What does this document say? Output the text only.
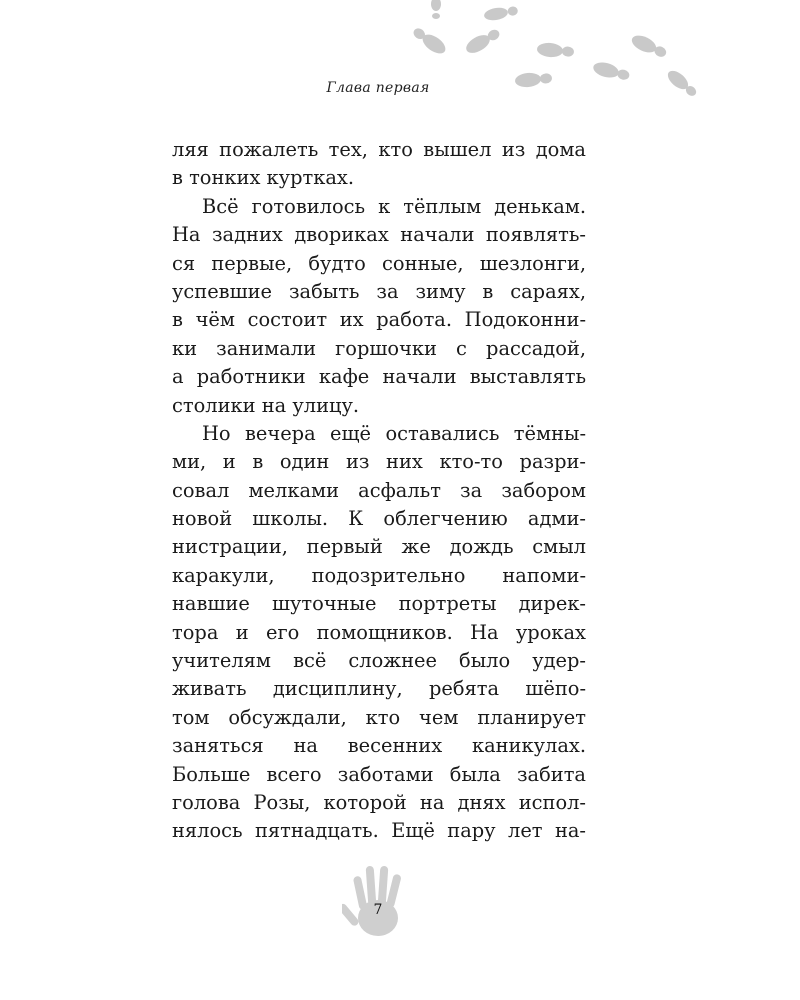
Глава первая
ляя пожалеть тех, кто вышел из дома
в тонких куртках.
Всё готовилось к тёплым денькам.
На задних двориках начали появлять-
ся первые, будто сонные, шезлонги,
успевшие забыть за зиму в сараях,
в чём состоит их работа. Подоконни-
ки занимали горшочки с рассадой,
а работники кафе начали выставлять
столики на улицу.
Но вечера ещё оставались тёмны-
ми, и в один из них кто-то разри-
совал мелками асфальт за забором
новой школы. К облегчению адми-
нистрации, первый же дождь смыл
каракули, подозрительно напоми-
навшие шуточные портреты дирек-
тора и его помощников. На уроках
учителям всё сложнее было удер-
живать дисциплину, ребята шёпо-
том обсуждали, кто чем планирует
заняться на весенних каникулах.
Больше всего заботами была забита
голова Розы, которой на днях испол-
нялось пятнадцать. Ещё пару лет на-
7
